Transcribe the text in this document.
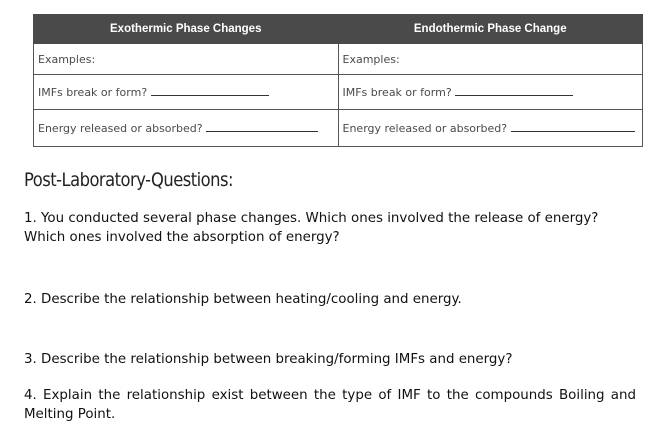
Exothermic Phase Changes	Endothermic Phase Change
Examples:	Examples:
IMFs break or form?	IMFs break or form?
Energy released or absorbed?	Energy released or absorbed?
Post-Laboratory-Questions:

1. You conducted several phase changes. Which ones involved the release of energy? Which ones involved the absorption of energy?

2. Describe the relationship between heating/cooling and energy.

3. Describe the relationship between breaking/forming IMFs and energy?

4. Explain the relationship exist between the type of IMF to the compounds Boiling and Melting Point.
